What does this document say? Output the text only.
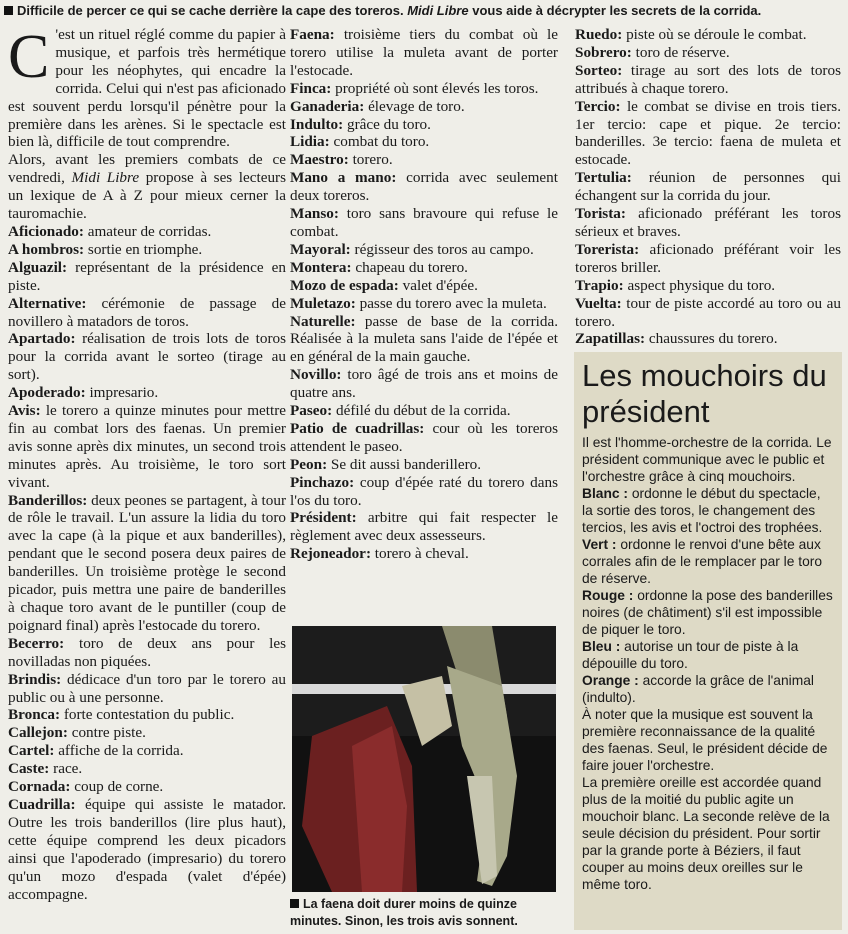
Difficile de percer ce qui se cache derrière la cape des toreros. Midi Libre vous aide à décrypter les secrets de la corrida.

C 'est un rituel réglé comme du papier à musique, et parfois très hermétique pour les néophytes, qui encadre la corrida. Celui qui n'est pas aficionado est souvent perdu lorsqu'il pénètre pour la première dans les arènes. Si le spectacle est bien là, difficile de tout comprendre.

Alors, avant les premiers combats de ce vendredi, Midi Libre propose à ses lecteurs un lexique de A à Z pour mieux cerner la tauromachie.

Aficionado: amateur de corridas.

A hombros: sortie en triomphe.

Alguazil: représentant de la présidence en piste.

Alternative: cérémonie de passage de novillero à matadors de toros.

Apartado: réalisation de trois lots de toros pour la corrida avant le sorteo (tirage au sort).

Apoderado: impresario.

Avis: le torero a quinze minutes pour mettre fin au combat lors des faenas. Un premier avis sonne après dix minutes, un second trois minutes après. Au troisième, le toro sort vivant.

Banderillos: deux peones se partagent, à tour de rôle le travail. L'un assure la lidia du toro avec la cape (à la pique et aux banderilles), pendant que le second posera deux paires de banderilles. Un troisième protège le second picador, puis mettra une paire de banderilles à chaque toro avant de le puntiller (coup de poignard final) après l'estocade du torero.

Becerro: toro de deux ans pour les novilladas non piquées.

Brindis: dédicace d'un toro par le torero au public ou à une personne.

Bronca: forte contestation du public.

Callejon: contre piste.

Cartel: affiche de la corrida.

Caste: race.

Cornada: coup de corne.

Cuadrilla: équipe qui assiste le matador. Outre les trois banderillos (lire plus haut), cette équipe comprend les deux picadors ainsi que l'apoderado (impresario) du torero qu'un mozo d'espada (valet d'épée) accompagne.

Faena: troisième tiers du combat où le torero utilise la muleta avant de porter l'estocade.

Finca: propriété où sont élevés les toros.

Ganaderia: élevage de toro.

Indulto: grâce du toro.

Lidia: combat du toro.

Maestro: torero.

Mano a mano: corrida avec seulement deux toreros.

Manso: toro sans bravoure qui refuse le combat.

Mayoral: régisseur des toros au campo.

Montera: chapeau du torero.

Mozo de espada: valet d'épée.

Muletazo: passe du torero avec la muleta.

Naturelle: passe de base de la corrida. Réalisée à la muleta sans l'aide de l'épée et en général de la main gauche.

Novillo: toro âgé de trois ans et moins de quatre ans.

Paseo: défilé du début de la corrida.

Patio de cuadrillas: cour où les toreros attendent le paseo.

Peon: Se dit aussi banderillero.

Pinchazo: coup d'épée raté du torero dans l'os du toro.

Président: arbitre qui fait respecter le règlement avec deux assesseurs.

Rejoneador: torero à cheval.

La faena doit durer moins de quinze minutes. Sinon, les trois avis sonnent.

Ruedo: piste où se déroule le combat.

Sobrero: toro de réserve.

Sorteo: tirage au sort des lots de toros attribués à chaque torero.

Tercio: le combat se divise en trois tiers. 1er tercio: cape et pique. 2e tercio: banderilles. 3e tercio: faena de muleta et estocade.

Tertulia: réunion de personnes qui échangent sur la corrida du jour.

Torista: aficionado préférant les toros sérieux et braves.

Torerista: aficionado préférant voir les toreros briller.

Trapio: aspect physique du toro.

Vuelta: tour de piste accordé au toro ou au torero.

Zapatillas: chaussures du torero.

Les mouchoirs du président

Il est l'homme-orchestre de la corrida. Le président communique avec le public et l'orchestre grâce à cinq mouchoirs.

Blanc : ordonne le début du spectacle, la sortie des toros, le changement des tercios, les avis et l'octroi des trophées.

Vert : ordonne le renvoi d'une bête aux corrales afin de le remplacer par le toro de réserve.

Rouge : ordonne la pose des banderilles noires (de châtiment) s'il est impossible de piquer le toro.

Bleu : autorise un tour de piste à la dépouille du toro.

Orange : accorde la grâce de l'animal (indulto).

À noter que la musique est souvent la première reconnaissance de la qualité des faenas. Seul, le président décide de faire jouer l'orchestre.

La première oreille est accordée quand plus de la moitié du public agite un mouchoir blanc. La seconde relève de la seule décision du président. Pour sortir par la grande porte à Béziers, il faut couper au moins deux oreilles sur le même toro.
